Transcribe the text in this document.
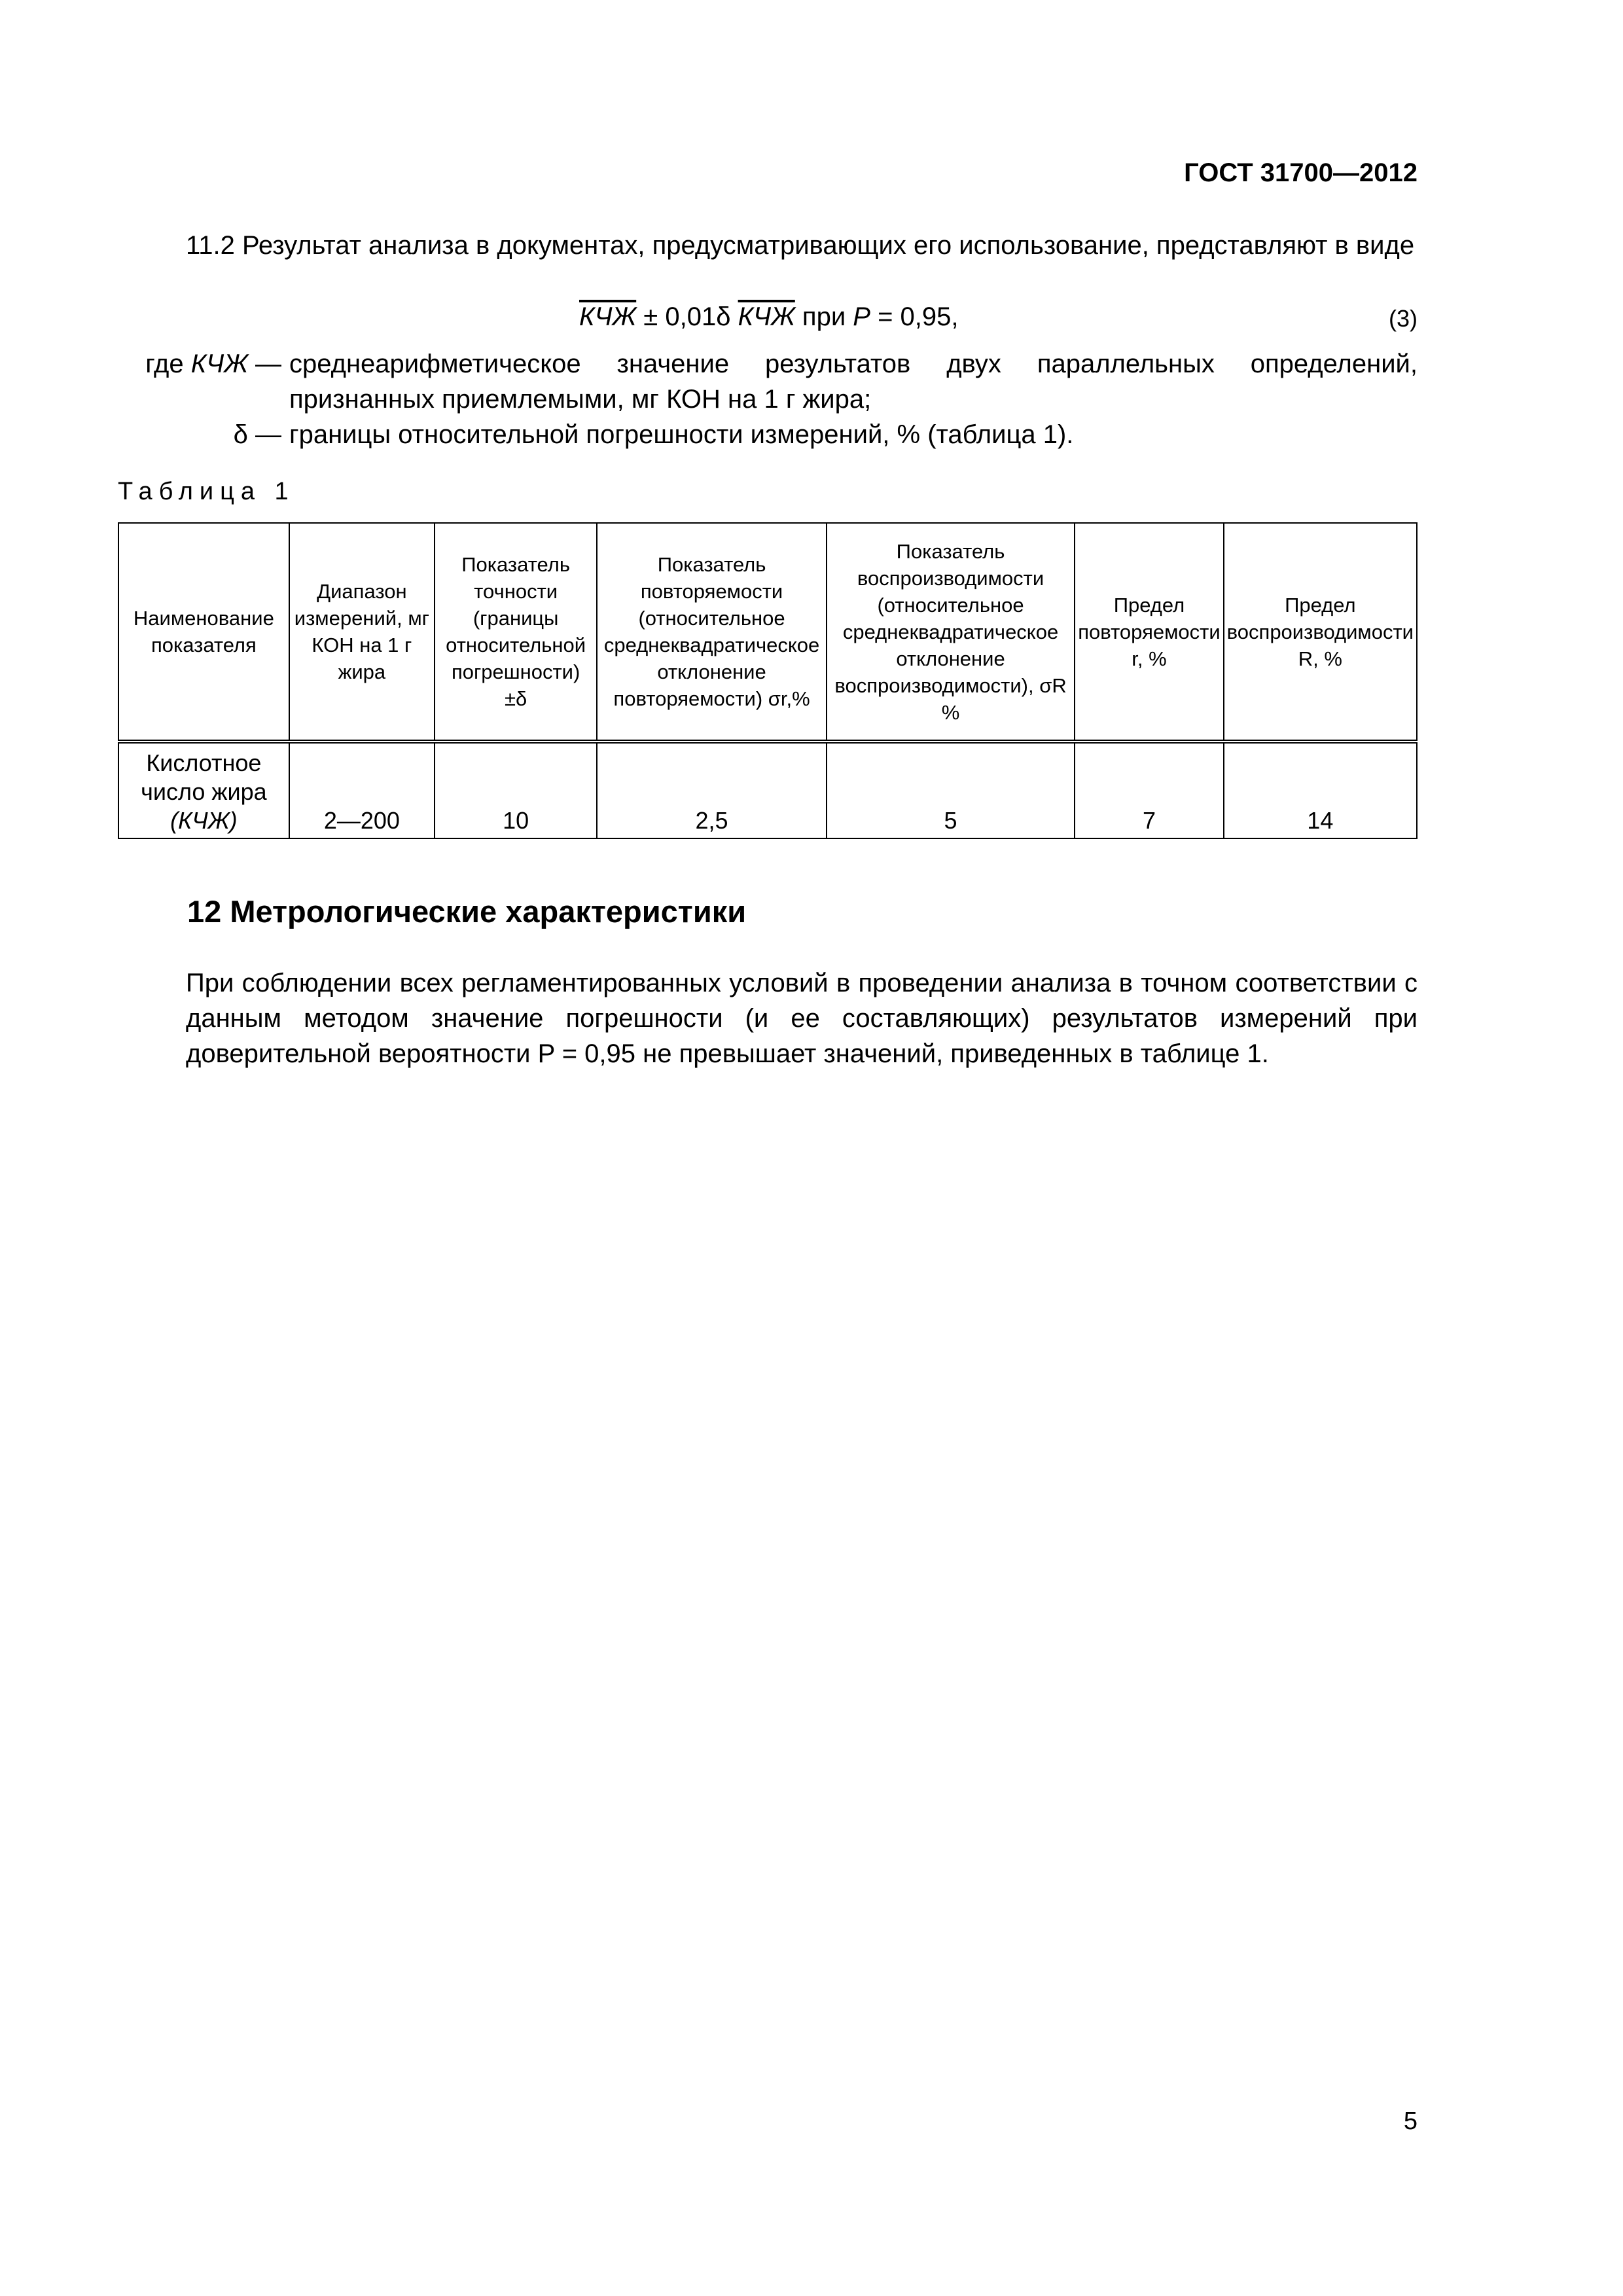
ГОСТ 31700—2012
11.2 Результат анализа в документах, предусматривающих его использование, представляют в виде
КЧЖ ± 0,01δ КЧЖ при P = 0,95,	(3)
где КЧЖ — среднеарифметическое значение результатов двух параллельных определений, признанных приемлемыми, мг КОН на 1 г жира;
δ — границы относительной погрешности измерений, % (таблица 1).
Таблица 1
Наименование показателя	Диапазон измерений, мг КОН на 1 г жира	Показатель точности (границы относительной погрешности) ±δ	Показатель повторяемости (относительное среднеквадратическое отклонение повторяемости) σr,%	Показатель воспроизводимости (относительное среднеквадратическое отклонение воспроизводимости), σR %	Предел повторяемости r, %	Предел воспроизводимости R, %

Кислотное
число жира
(КЧЖ)	2—200	10	2,5	5	7	14
12 Метрологические характеристики
При соблюдении всех регламентированных условий в проведении анализа в точном соответствии с данным методом значение погрешности (и ее составляющих) результатов измерений при доверительной вероятности P = 0,95 не превышает значений, приведенных в таблице 1.
5
